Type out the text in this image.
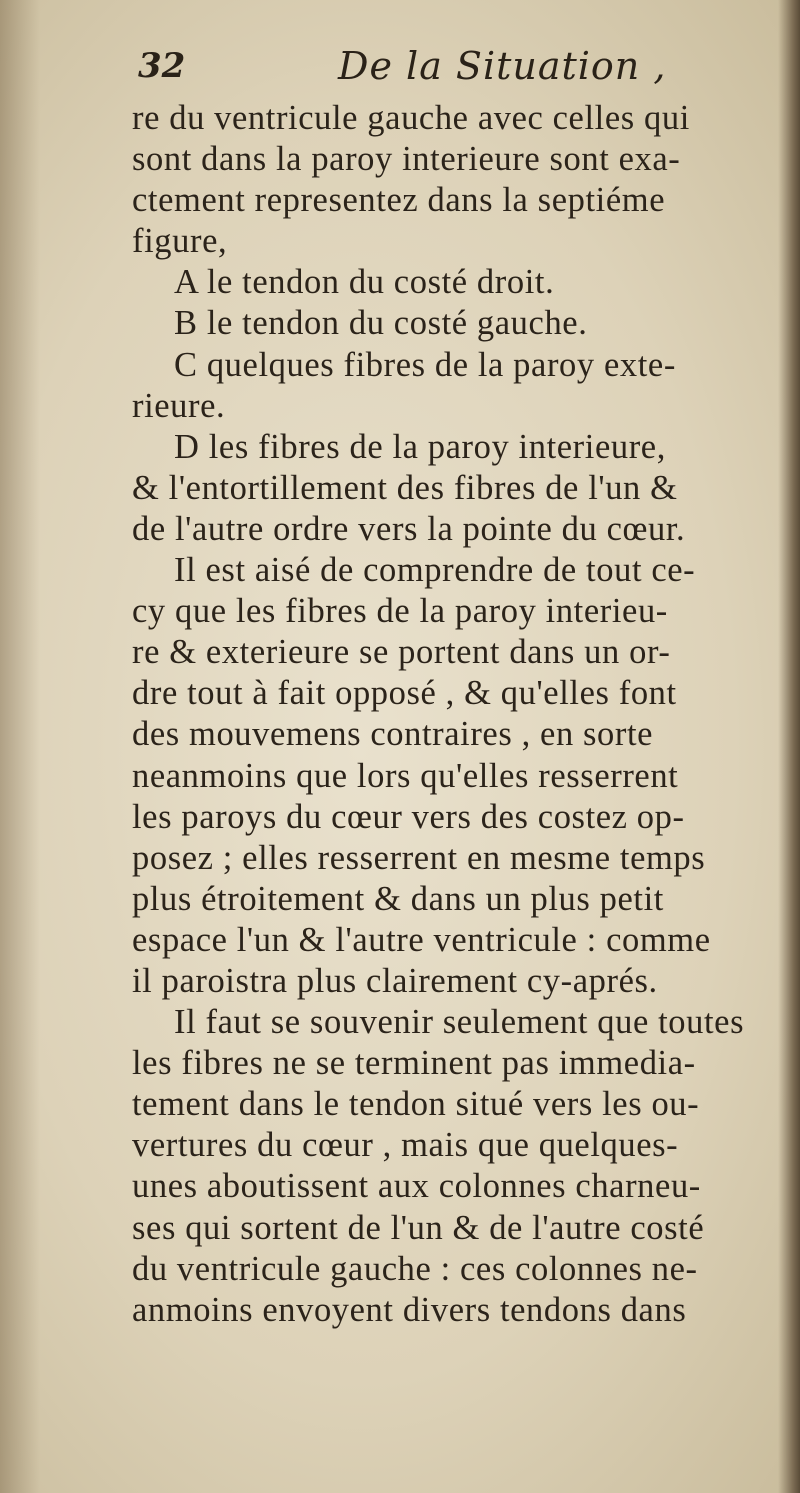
32	De la Situation ,
re du ventricule gauche avec celles qui
sont dans la paroy interieure sont exa-
ctement representez dans la septiéme
figure,
A le tendon du costé droit.
B le tendon du costé gauche.
C quelques fibres de la paroy exte-
rieure.
D les fibres de la paroy interieure,
& l'entortillement des fibres de l'un &
de l'autre ordre vers la pointe du cœur.
Il est aisé de comprendre de tout ce-
cy que les fibres de la paroy interieu-
re & exterieure se portent dans un or-
dre tout à fait opposé , & qu'elles font
des mouvemens contraires , en sorte
neanmoins que lors qu'elles resserrent
les paroys du cœur vers des costez op-
posez ; elles resserrent en mesme temps
plus étroitement & dans un plus petit
espace l'un & l'autre ventricule : comme
il paroistra plus clairement cy-aprés.
Il faut se souvenir seulement que toutes
les fibres ne se terminent pas immedia-
tement dans le tendon situé vers les ou-
vertures du cœur , mais que quelques-
unes aboutissent aux colonnes charneu-
ses qui sortent de l'un & de l'autre costé
du ventricule gauche : ces colonnes ne-
anmoins envoyent divers tendons dans
